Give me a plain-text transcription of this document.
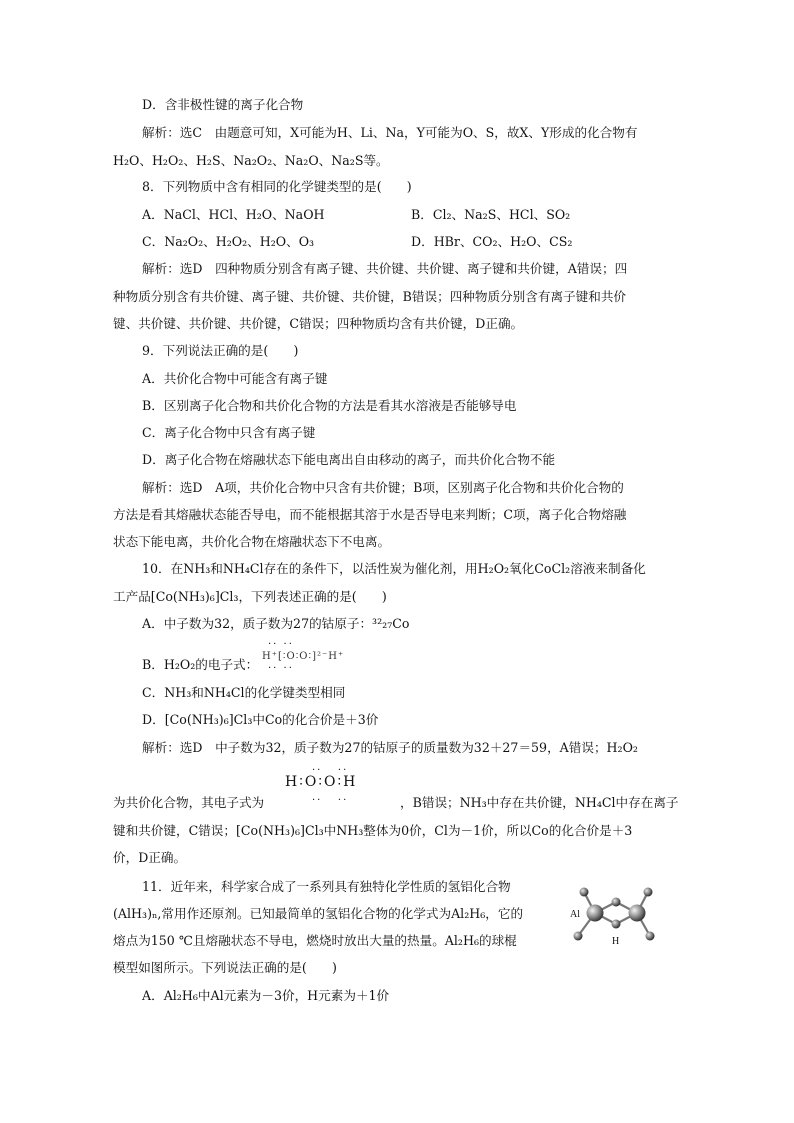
D．含非极性键的离子化合物
解析：选C　由题意可知，X可能为H、Li、Na，Y可能为O、S，故X、Y形成的化合物有
H₂O、H₂O₂、H₂S、Na₂O₂、Na₂O、Na₂S等。
8．下列物质中含有相同的化学键类型的是(　　)
A．NaCl、HCl、H₂O、NaOH	B．Cl₂、Na₂S、HCl、SO₂
C．Na₂O₂、H₂O₂、H₂O、O₃	D．HBr、CO₂、H₂O、CS₂
解析：选D　四种物质分别含有离子键、共价键、共价键、离子键和共价键，A错误；四
种物质分别含有共价键、离子键、共价键、共价键，B错误；四种物质分别含有离子键和共价
键、共价键、共价键、共价键，C错误；四种物质均含有共价键，D正确。
9．下列说法正确的是(　　)
A．共价化合物中可能含有离子键
B．区别离子化合物和共价化合物的方法是看其水溶液是否能够导电
C．离子化合物中只含有离子键
D．离子化合物在熔融状态下能电离出自由移动的离子，而共价化合物不能
解析：选D　A项，共价化合物中只含有共价键；B项，区别离子化合物和共价化合物的
方法是看其熔融状态能否导电，而不能根据其溶于水是否导电来判断；C项，离子化合物熔融
状态下能电离，共价化合物在熔融状态下不电离。
10．在NH₃和NH₄Cl存在的条件下，以活性炭为催化剂，用H₂O₂氧化CoCl₂溶液来制备化
工产品[Co(NH₃)₆]Cl₃，下列表述正确的是(　　)
A．中子数为32，质子数为27的钴原子：³²₂₇Co
B．H₂O₂的电子式：
·· ··
H⁺[∶O∶O∶]²⁻H⁺
·· ··
C．NH₃和NH₄Cl的化学键类型相同
D．[Co(NH₃)₆]Cl₃中Co的化合价是＋3价
解析：选D　中子数为32，质子数为27的钴原子的质量数为32＋27＝59，A错误；H₂O₂
··   ··
H∶O∶O∶H
··   ··
为共价化合物，其电子式为	，B错误；NH₃中存在共价键，NH₄Cl中存在离子
键和共价键，C错误；[Co(NH₃)₆]Cl₃中NH₃整体为0价，Cl为－1价，所以Co的化合价是＋3
价，D正确。
11．近年来，科学家合成了一系列具有独特化学性质的氢铝化合物
(AlH₃)ₙ,常用作还原剂。已知最简单的氢铝化合物的化学式为Al₂H₆，它的
熔点为150 ℃且熔融状态不导电，燃烧时放出大量的热量。Al₂H₆的球棍
模型如图所示。下列说法正确的是(　　)
A．Al₂H₆中Al元素为－3价，H元素为＋1价
Al
H
